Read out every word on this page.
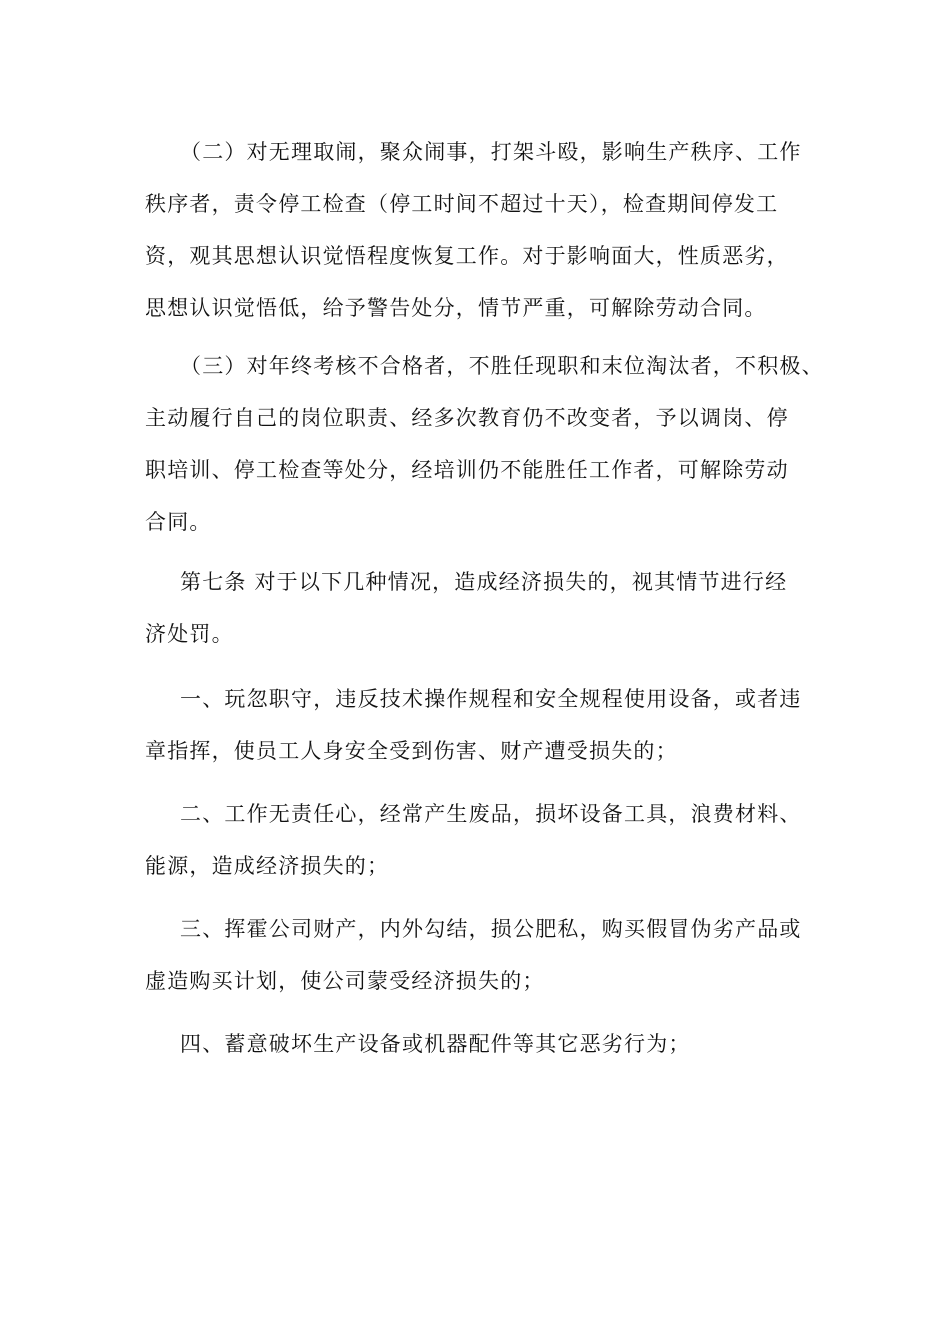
（二）对无理取闹，聚众闹事，打架斗殴，影响生产秩序、工作
秩序者，责令停工检查（停工时间不超过十天），检查期间停发工
资，观其思想认识觉悟程度恢复工作。对于影响面大，性质恶劣，
思想认识觉悟低，给予警告处分，情节严重，可解除劳动合同。
（三）对年终考核不合格者，不胜任现职和末位淘汰者，不积极、
主动履行自己的岗位职责、经多次教育仍不改变者，予以调岗、停
职培训、停工检查等处分，经培训仍不能胜任工作者，可解除劳动
合同。
第七条 对于以下几种情况，造成经济损失的，视其情节进行经
济处罚。
一、玩忽职守，违反技术操作规程和安全规程使用设备，或者违
章指挥，使员工人身安全受到伤害、财产遭受损失的；
二、工作无责任心，经常产生废品，损坏设备工具，浪费材料、
能源，造成经济损失的；
三、挥霍公司财产，内外勾结，损公肥私，购买假冒伪劣产品或
虚造购买计划，使公司蒙受经济损失的；
四、蓄意破坏生产设备或机器配件等其它恶劣行为；
